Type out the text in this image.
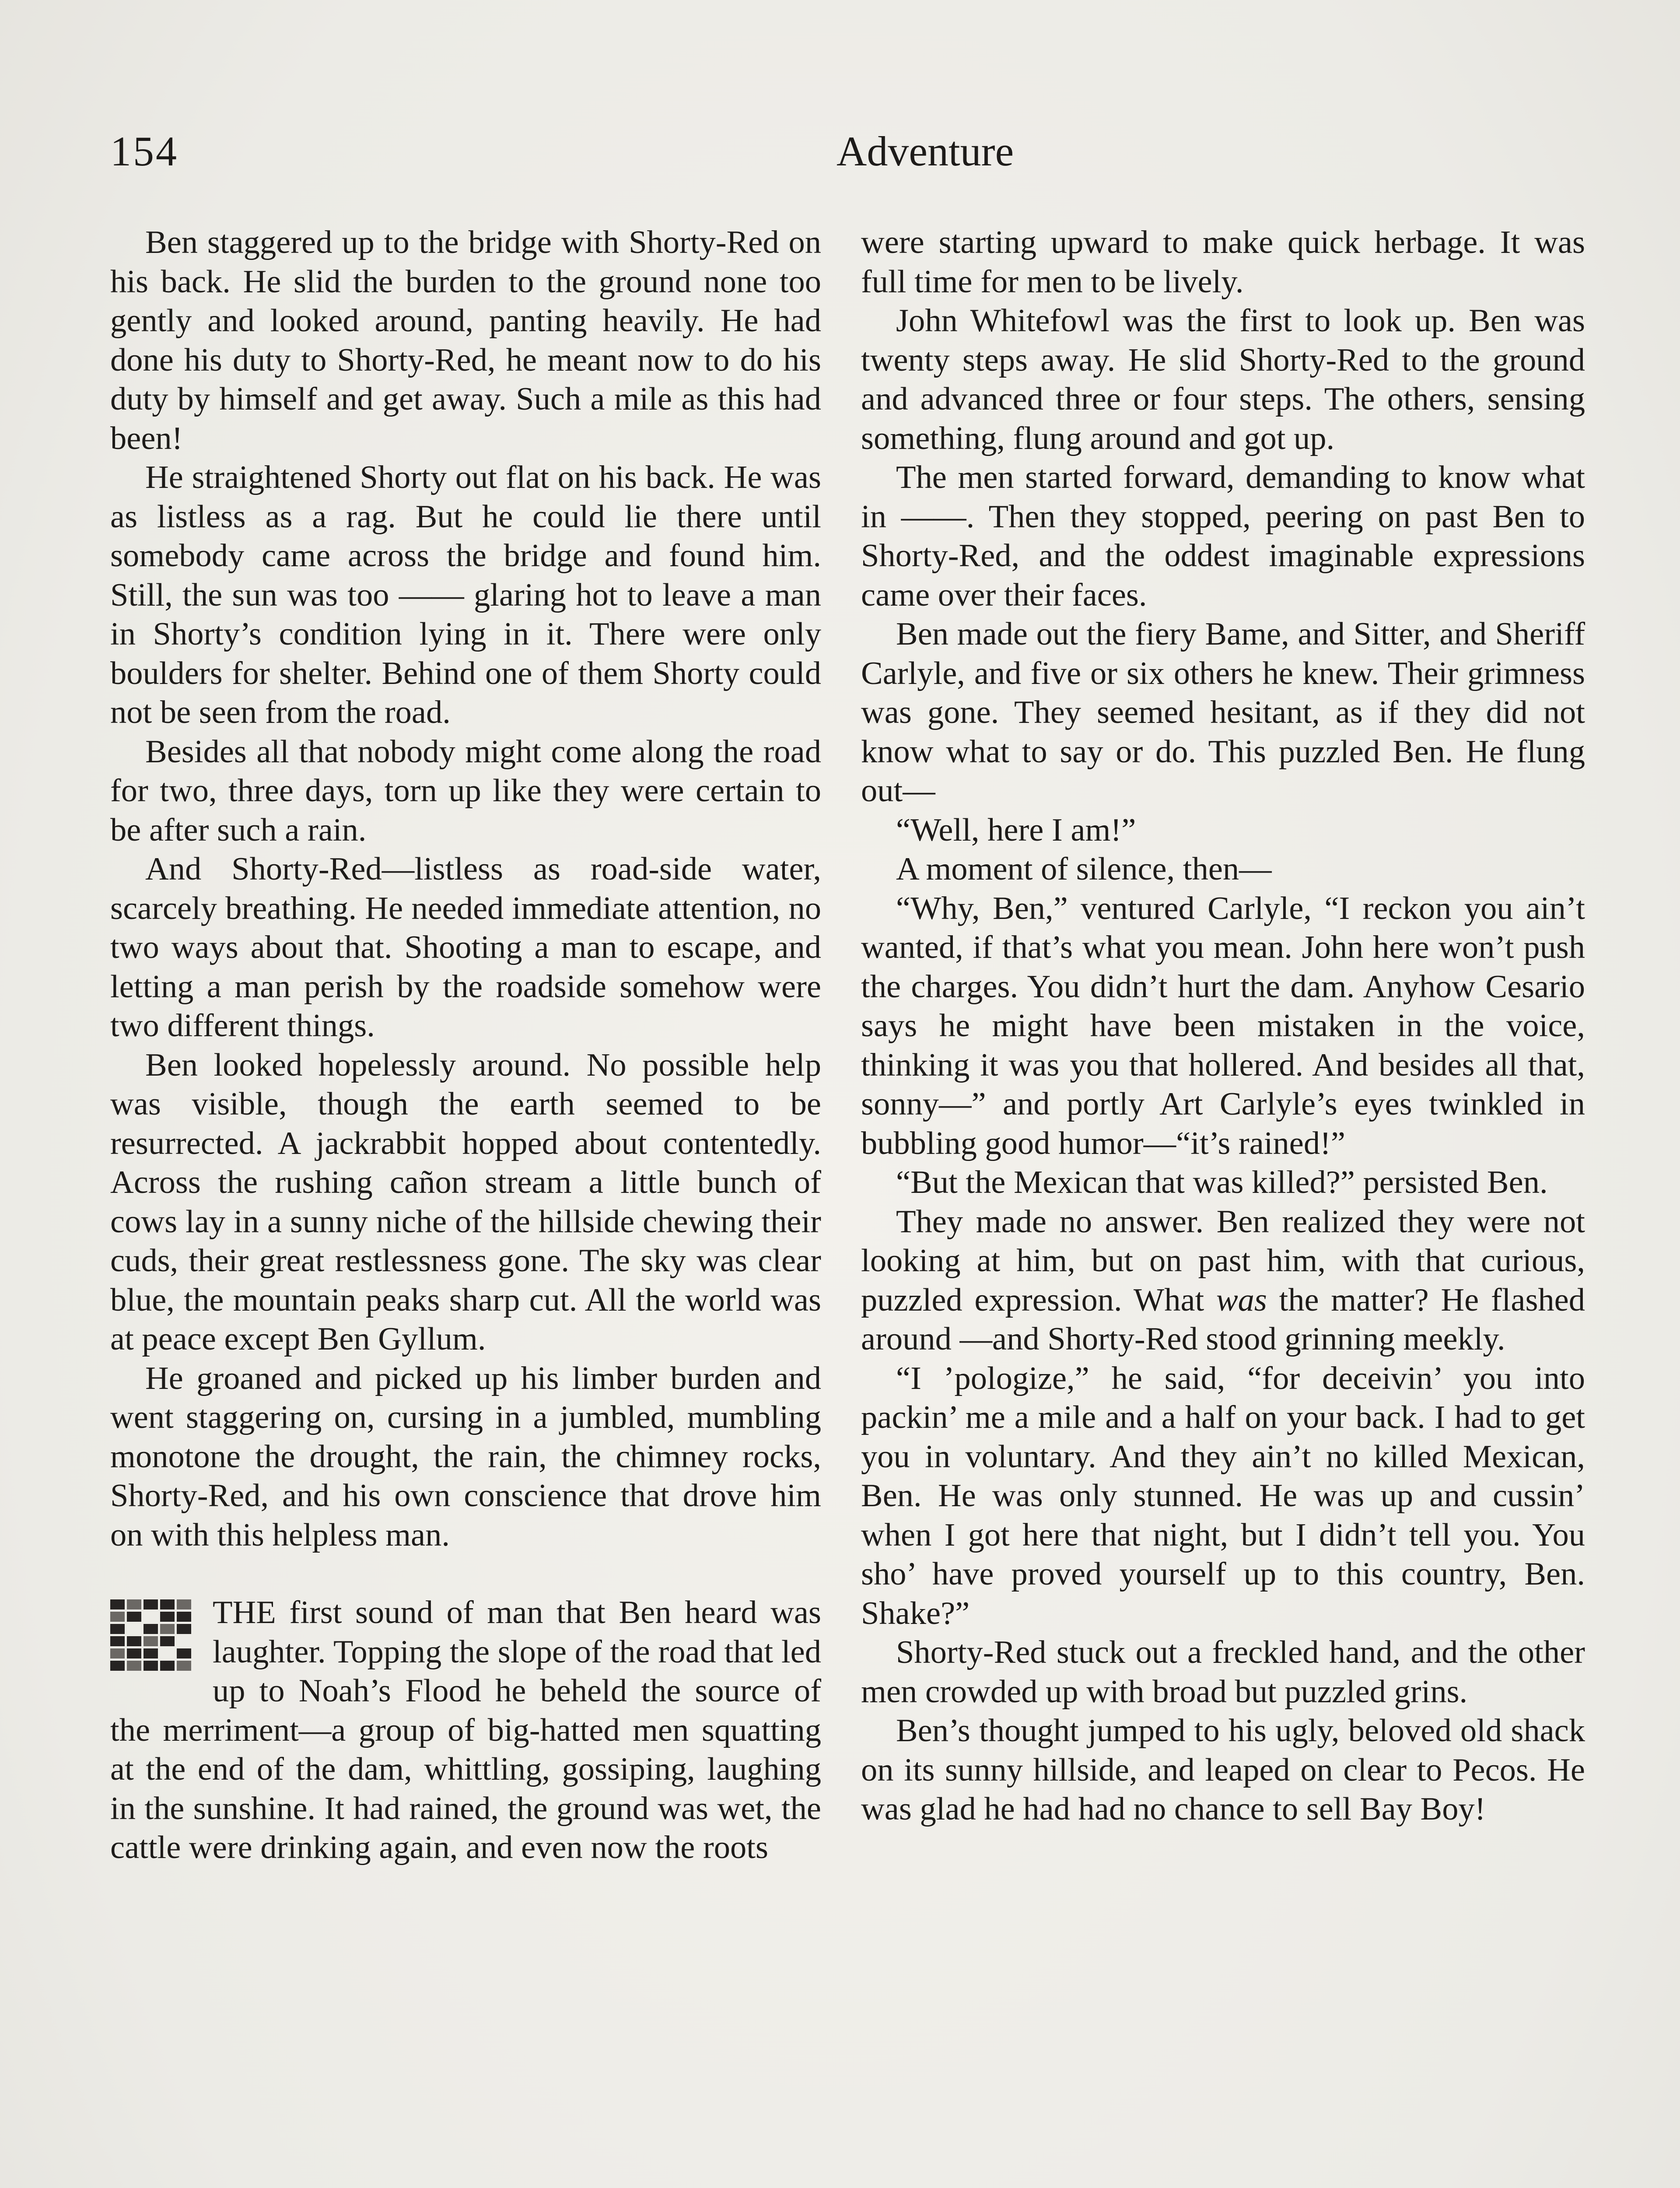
154	Adventure

Ben staggered up to the bridge with Shorty-Red on his back. He slid the burden to the ground none too gently and looked around, panting heavily. He had done his duty to Shorty-Red, he meant now to do his duty by himself and get away. Such a mile as this had been!

He straightened Shorty out flat on his back. He was as listless as a rag. But he could lie there until somebody came across the bridge and found him. Still, the sun was too —— glaring hot to leave a man in Shorty’s condition lying in it. There were only boulders for shelter. Behind one of them Shorty could not be seen from the road.

Besides all that nobody might come along the road for two, three days, torn up like they were certain to be after such a rain.

And Shorty-Red—listless as road-side water, scarcely breathing. He needed immediate attention, no two ways about that. Shooting a man to escape, and letting a man perish by the roadside somehow were two different things.

Ben looked hopelessly around. No possible help was visible, though the earth seemed to be resurrected. A jackrabbit hopped about contentedly. Across the rushing cañon stream a little bunch of cows lay in a sunny niche of the hillside chewing their cuds, their great restlessness gone. The sky was clear blue, the mountain peaks sharp cut. All the world was at peace except Ben Gyllum.

He groaned and picked up his limber burden and went staggering on, cursing in a jumbled, mumbling monotone the drought, the rain, the chimney rocks, Shorty-Red, and his own conscience that drove him on with this helpless man.

THE first sound of man that Ben heard was laughter. Topping the slope of the road that led up to Noah’s Flood he beheld the source of the merriment—a group of big-hatted men squatting at the end of the dam, whittling, gossiping, laughing in the sunshine. It had rained, the ground was wet, the cattle were drinking again, and even now the roots

were starting upward to make quick herbage. It was full time for men to be lively.

John Whitefowl was the first to look up. Ben was twenty steps away. He slid Shorty-Red to the ground and advanced three or four steps. The others, sensing something, flung around and got up.

The men started forward, demanding to know what in ——. Then they stopped, peering on past Ben to Shorty-Red, and the oddest imaginable expressions came over their faces.

Ben made out the fiery Bame, and Sitter, and Sheriff Carlyle, and five or six others he knew. Their grimness was gone. They seemed hesitant, as if they did not know what to say or do. This puzzled Ben. He flung out—

“Well, here I am!”

A moment of silence, then—

“Why, Ben,” ventured Carlyle, “I reckon you ain’t wanted, if that’s what you mean. John here won’t push the charges. You didn’t hurt the dam. Anyhow Cesario says he might have been mistaken in the voice, thinking it was you that hollered. And besides all that, sonny—” and portly Art Carlyle’s eyes twinkled in bubbling good humor—“it’s rained!”

“But the Mexican that was killed?” persisted Ben.

They made no answer. Ben realized they were not looking at him, but on past him, with that curious, puzzled expression. What was the matter? He flashed around —and Shorty-Red stood grinning meekly.

“I ’pologize,” he said, “for deceivin’ you into packin’ me a mile and a half on your back. I had to get you in voluntary. And they ain’t no killed Mexican, Ben. He was only stunned. He was up and cussin’ when I got here that night, but I didn’t tell you. You sho’ have proved yourself up to this country, Ben. Shake?”

Shorty-Red stuck out a freckled hand, and the other men crowded up with broad but puzzled grins.

Ben’s thought jumped to his ugly, beloved old shack on its sunny hillside, and leaped on clear to Pecos. He was glad he had had no chance to sell Bay Boy!
